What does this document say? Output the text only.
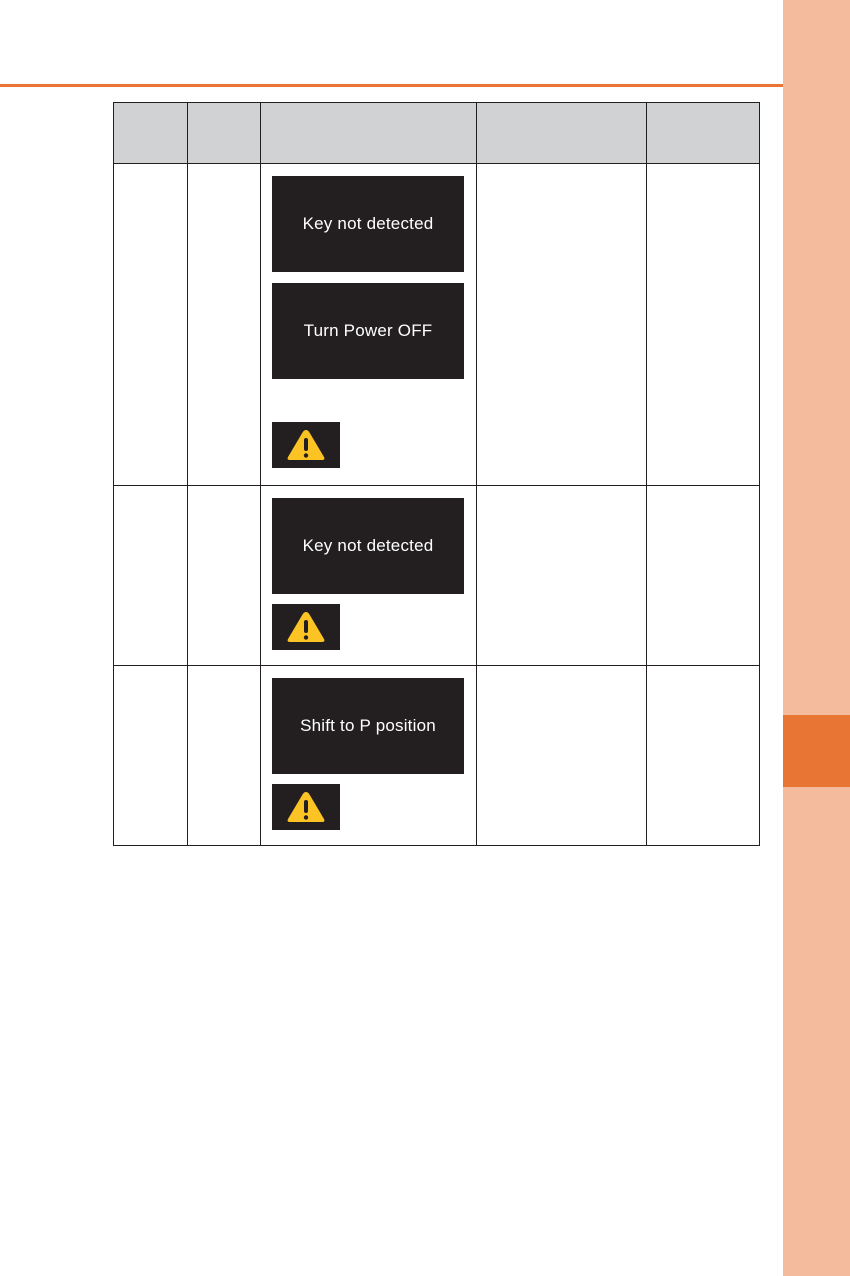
		Key not detected
Turn Power OFF		

		Key not detected		

		Shift to P position		
